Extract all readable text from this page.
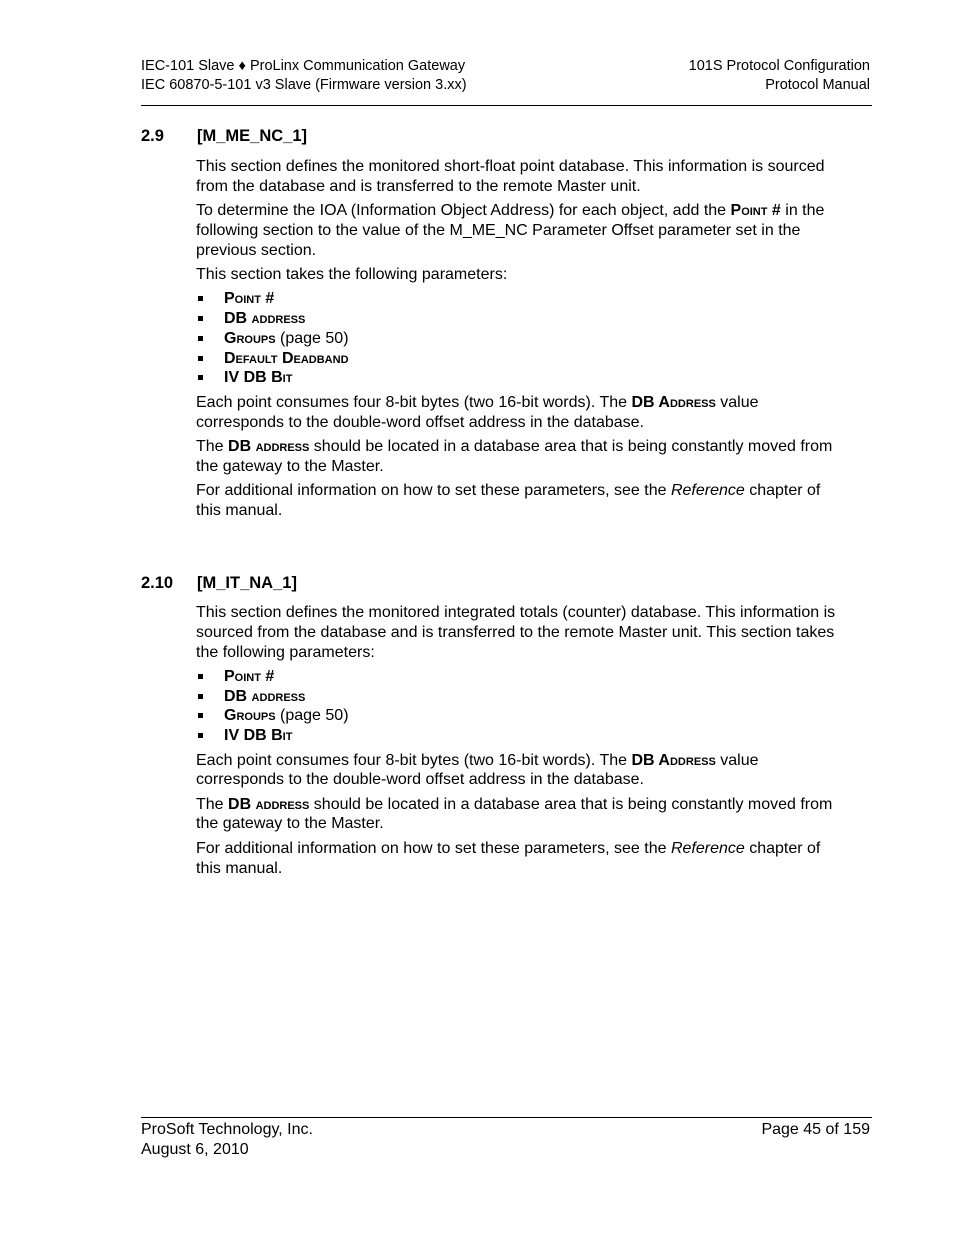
IEC-101 Slave ♦ ProLinx Communication Gateway
IEC 60870-5-101 v3 Slave (Firmware version 3.xx)
101S Protocol Configuration
Protocol Manual
2.9 [M_ME_NC_1]

This section defines the monitored short-float point database. This information is sourced from the database and is transferred to the remote Master unit.

To determine the IOA (Information Object Address) for each object, add the Point # in the following section to the value of the M_ME_NC Parameter Offset parameter set in the previous section.

This section takes the following parameters:

Point #
DB address
Groups (page 50)
Default Deadband
IV DB Bit

Each point consumes four 8-bit bytes (two 16-bit words). The DB Address value corresponds to the double-word offset address in the database.

The DB address should be located in a database area that is being constantly moved from the gateway to the Master.

For additional information on how to set these parameters, see the Reference chapter of this manual.

2.10 [M_IT_NA_1]

This section defines the monitored integrated totals (counter) database. This information is sourced from the database and is transferred to the remote Master unit. This section takes the following parameters:

Point #
DB address
Groups (page 50)
IV DB Bit

Each point consumes four 8-bit bytes (two 16-bit words). The DB Address value corresponds to the double-word offset address in the database.

The DB address should be located in a database area that is being constantly moved from the gateway to the Master.

For additional information on how to set these parameters, see the Reference chapter of this manual.

ProSoft Technology, Inc.
August 6, 2010
Page 45 of 159
